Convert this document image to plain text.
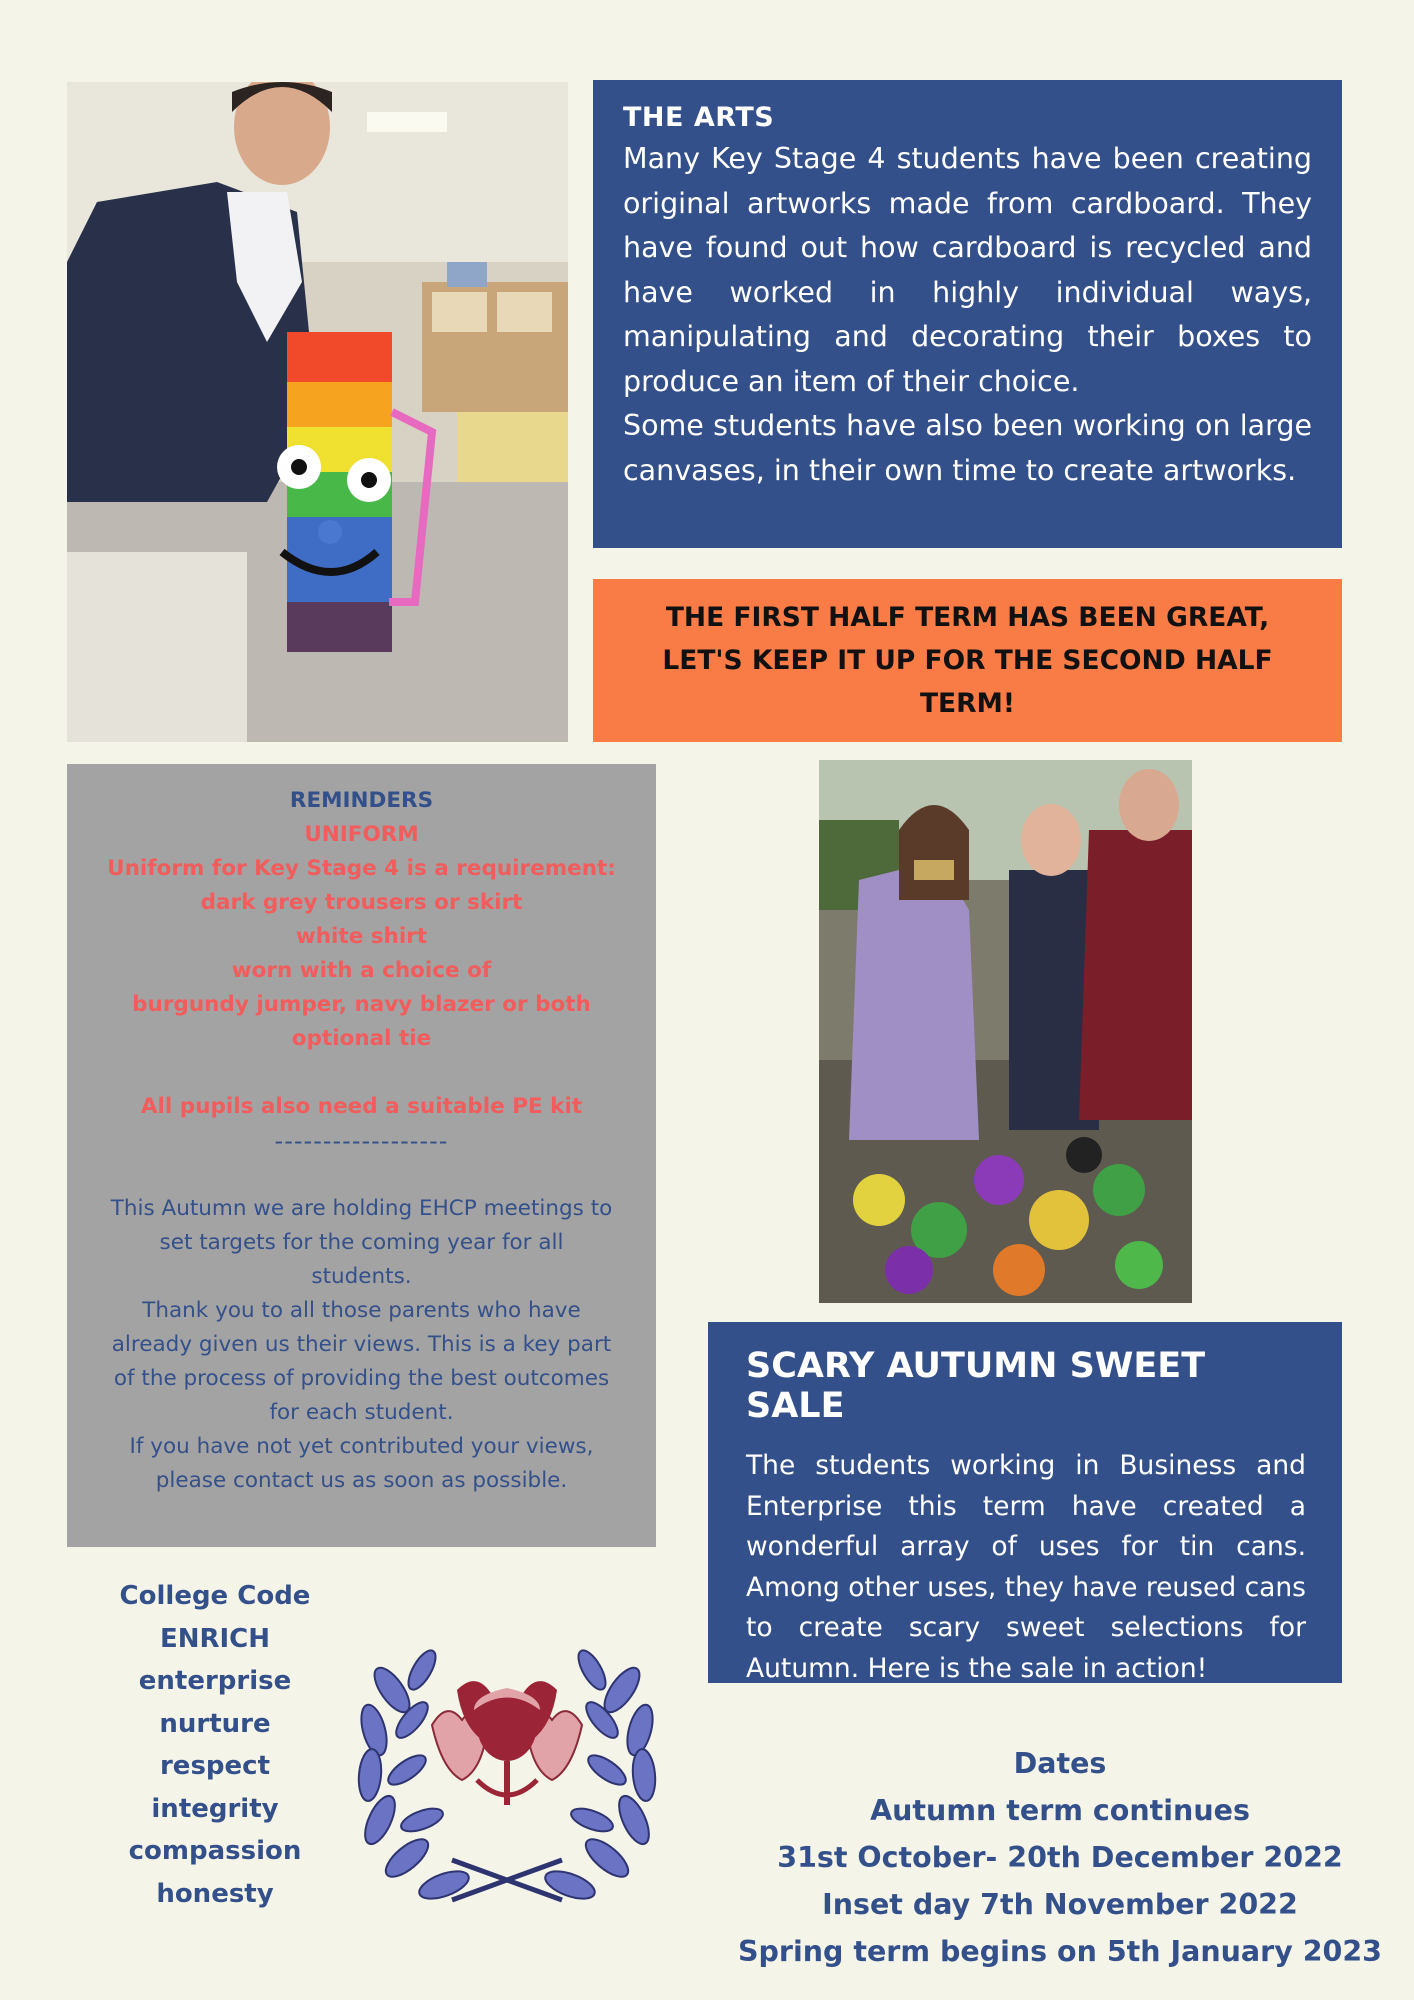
THE ARTS

Many Key Stage 4 students have been creating original artworks made from cardboard. They have found out how cardboard is recycled and have worked in highly individual ways, manipulating and decorating their boxes to produce an item of their choice.

Some students have also been working on large canvases, in their own time to create artworks.

THE FIRST HALF TERM HAS BEEN GREAT, LET'S KEEP IT UP FOR THE SECOND HALF TERM!
REMINDERS
UNIFORM
Uniform for Key Stage 4 is a requirement:
dark grey trousers or skirt
white shirt
worn with a choice of
burgundy jumper, navy blazer or both
optional tie

All pupils also need a suitable PE kit
------------------

This Autumn we are holding EHCP meetings to
set targets for the coming year for all
students.
Thank you to all those parents who have
already given us their views. This is a key part
of the process of providing the best outcomes
for each student.
If you have not yet contributed your views,
please contact us as soon as possible.
SCARY AUTUMN SWEET SALE

The students working in Business and Enterprise this term have created a wonderful array of uses for tin cans. Among other uses, they have reused cans to create scary sweet selections for Autumn. Here is the sale in action!

College Code
ENRICH
enterprise
nurture
respect
integrity
compassion
honesty
Dates
Autumn term continues
31st October- 20th December 2022
Inset day 7th November 2022
Spring term begins on 5th January 2023
